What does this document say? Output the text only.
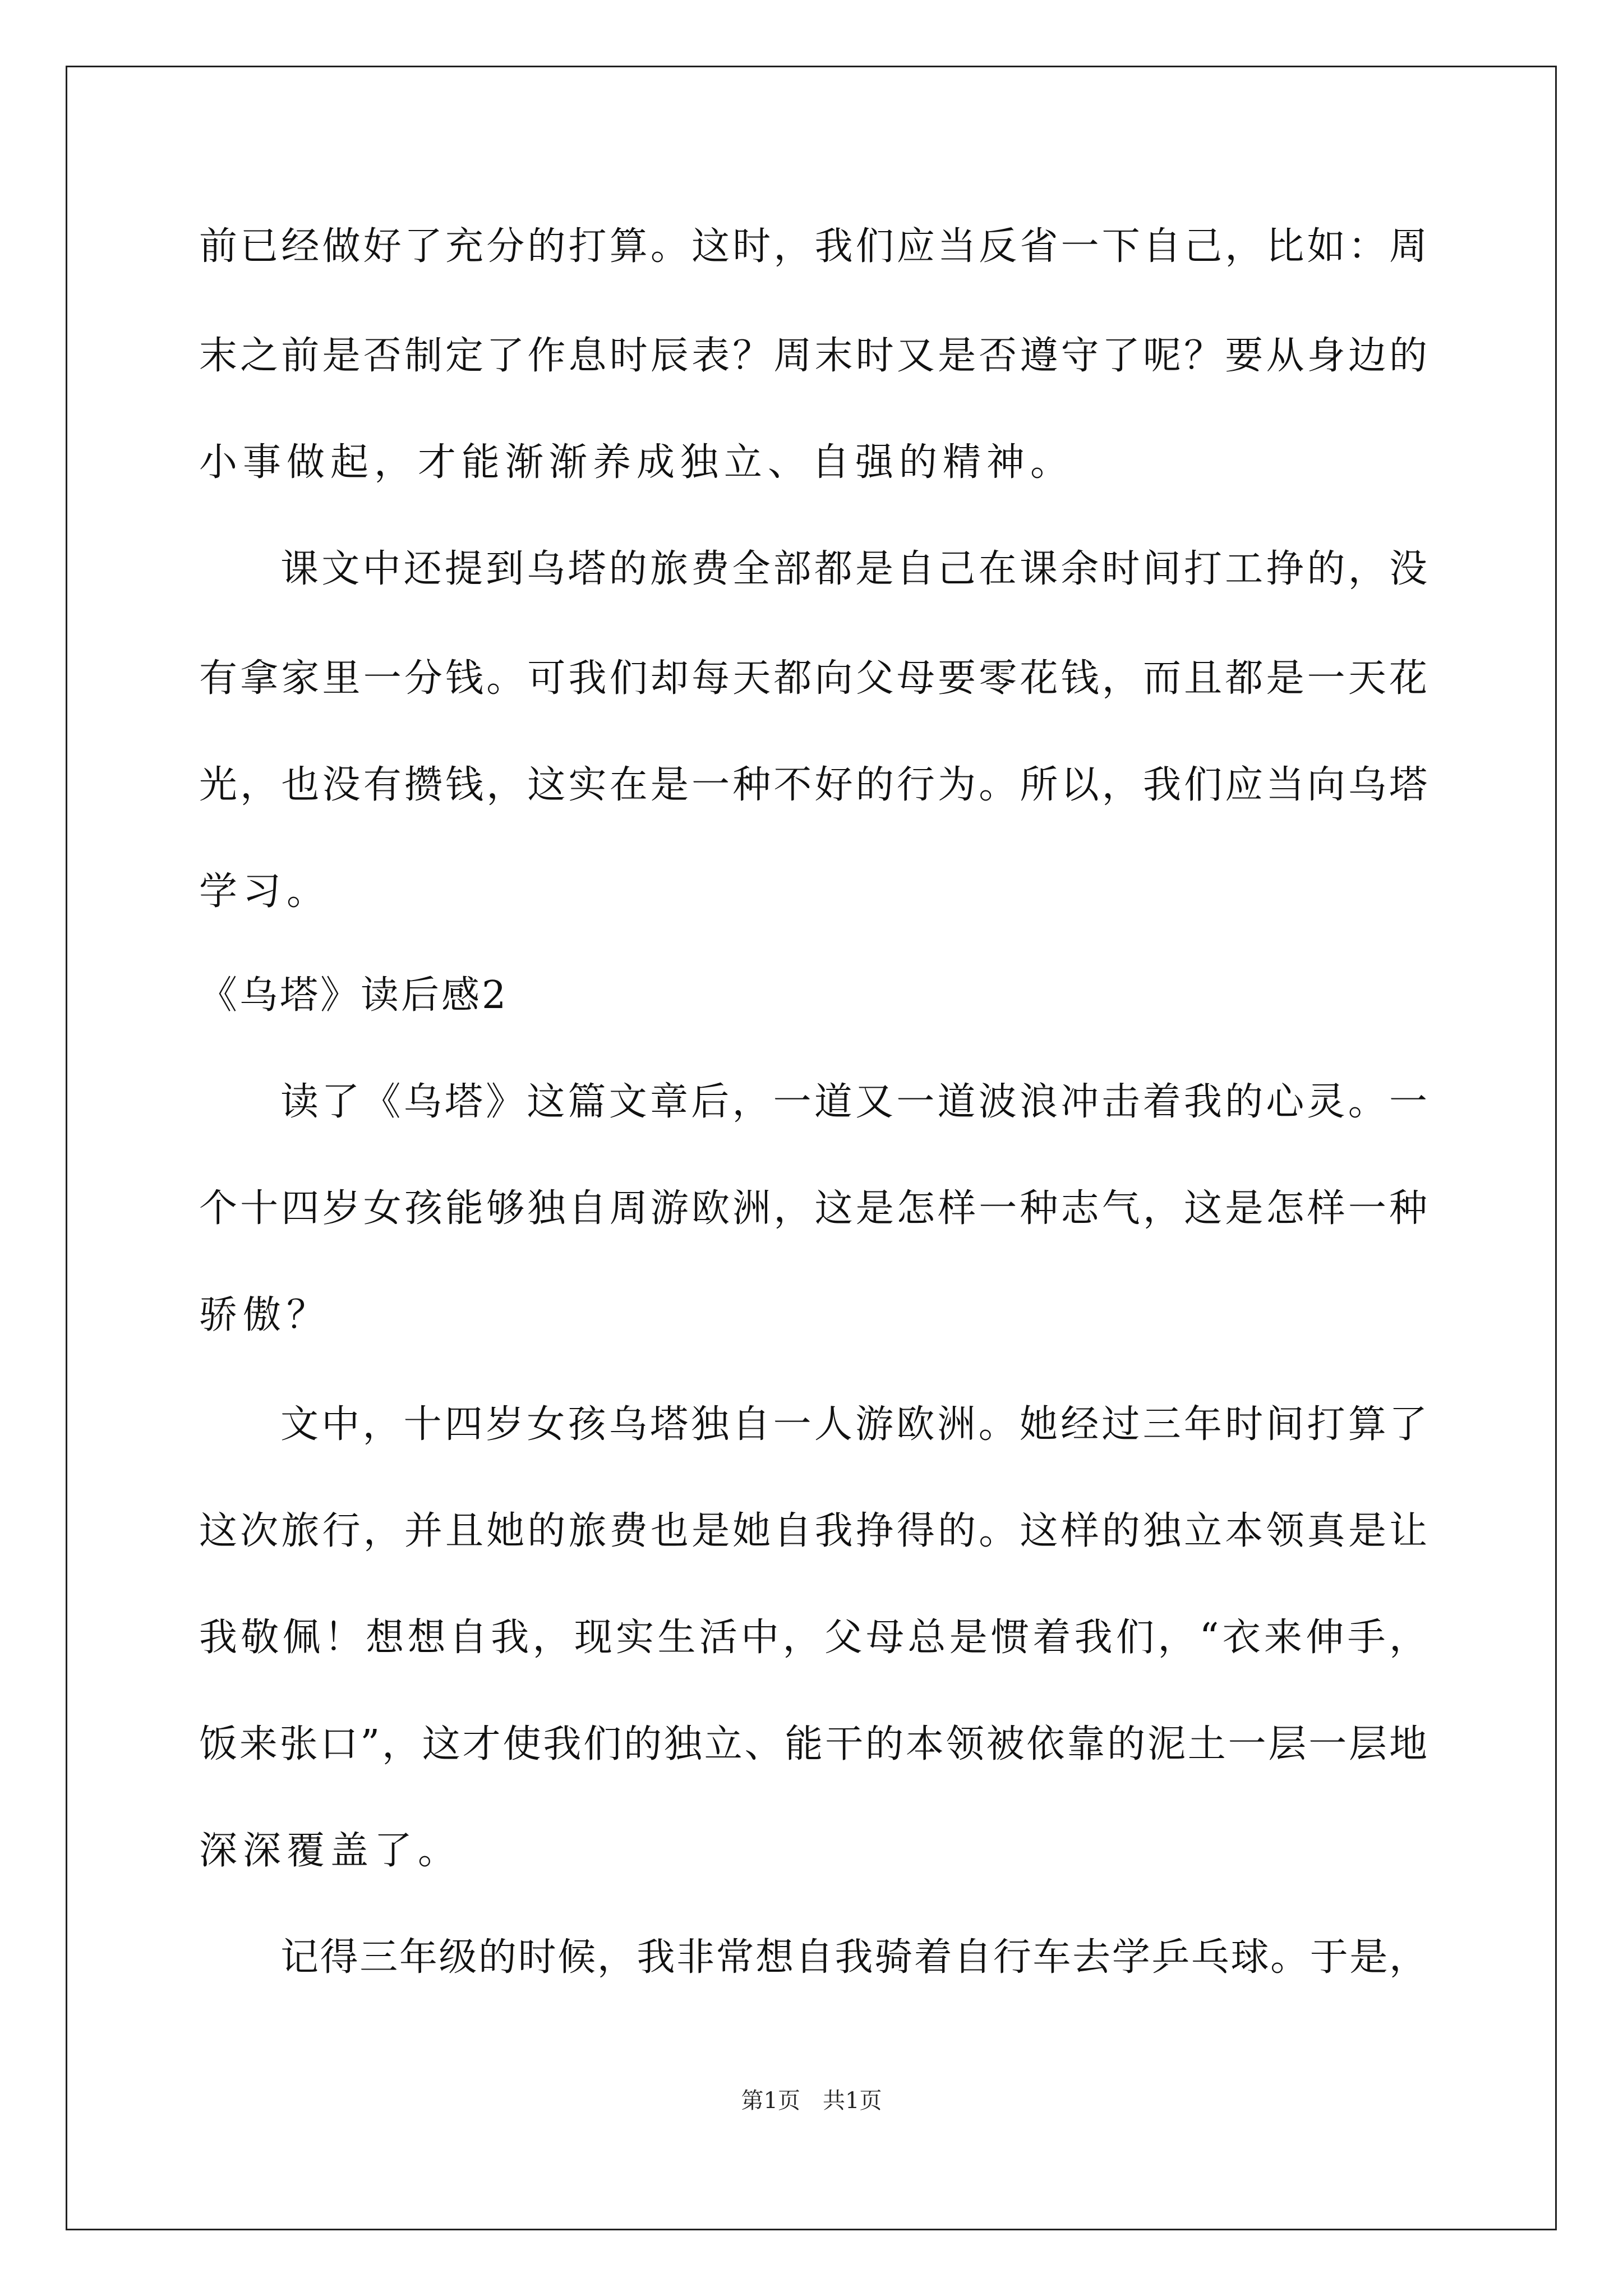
前已经做好了充分的打算。这时，我们应当反省一下自己，比如：周
末之前是否制定了作息时辰表？周末时又是否遵守了呢？要从身边的
小事做起，才能渐渐养成独立、自强的精神。
课文中还提到乌塔的旅费全部都是自己在课余时间打工挣的，没
有拿家里一分钱。可我们却每天都向父母要零花钱，而且都是一天花
光，也没有攒钱，这实在是一种不好的行为。所以，我们应当向乌塔
学习。
《乌塔》读后感2
读了《乌塔》这篇文章后，一道又一道波浪冲击着我的心灵。一
个十四岁女孩能够独自周游欧洲，这是怎样一种志气，这是怎样一种
骄傲？
文中，十四岁女孩乌塔独自一人游欧洲。她经过三年时间打算了
这次旅行，并且她的旅费也是她自我挣得的。这样的独立本领真是让
我敬佩！想想自我，现实生活中，父母总是惯着我们，“衣来伸手，
饭来张口”，这才使我们的独立、能干的本领被依靠的泥土一层一层地
深深覆盖了。
记得三年级的时候，我非常想自我骑着自行车去学乒乓球。于是，
第1页　共1页
